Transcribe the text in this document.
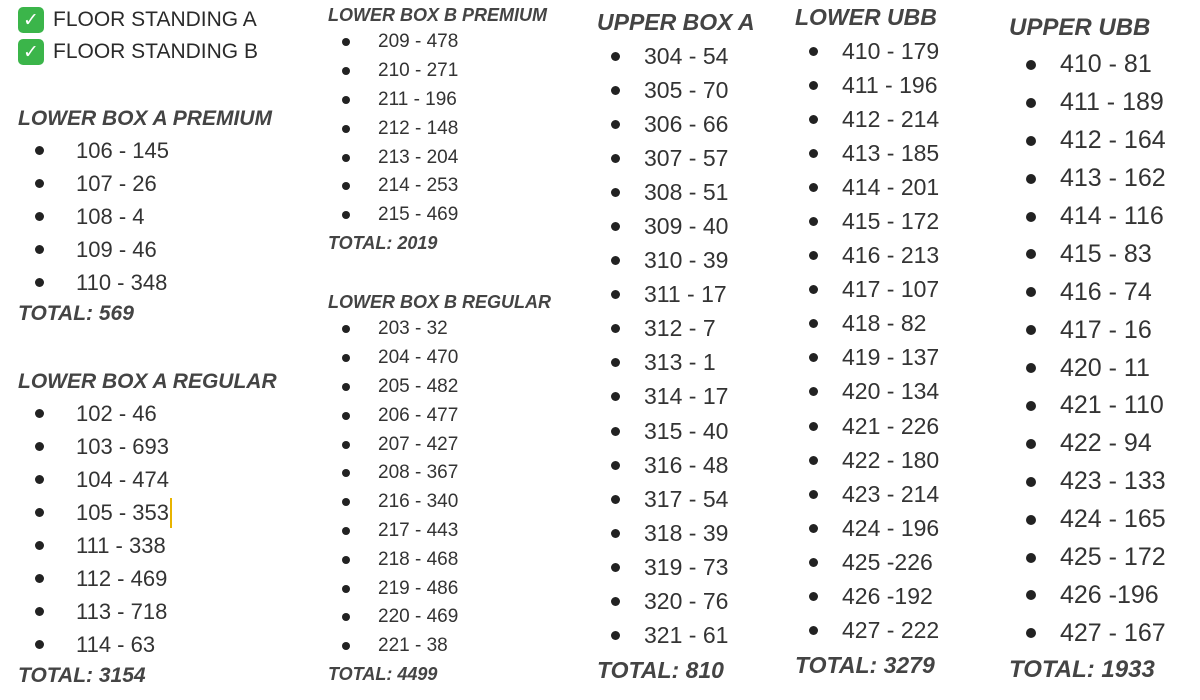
✓ FLOOR STANDING A
✓ FLOOR STANDING B
LOWER BOX A PREMIUM
106 - 145
107 - 26
108 - 4
109 - 46
110 - 348
TOTAL: 569
LOWER BOX A REGULAR
102 - 46
103 - 693
104 - 474
105 - 353
111 - 338
112 - 469
113 - 718
114 - 63
TOTAL: 3154
LOWER BOX B PREMIUM
209 - 478
210 - 271
211 - 196
212 - 148
213 - 204
214 - 253
215 - 469
TOTAL: 2019
LOWER BOX B REGULAR
203 - 32
204 - 470
205 - 482
206 - 477
207 - 427
208 - 367
216 - 340
217 - 443
218 - 468
219 - 486
220 - 469
221 - 38
TOTAL: 4499
UPPER BOX A
304 - 54
305 - 70
306 - 66
307 - 57
308 - 51
309 - 40
310 - 39
311 - 17
312 - 7
313 - 1
314 - 17
315 - 40
316 - 48
317 - 54
318 - 39
319 - 73
320 - 76
321 - 61
TOTAL: 810
LOWER UBB
410 - 179
411 - 196
412 - 214
413 - 185
414 - 201
415 - 172
416 - 213
417 - 107
418 - 82
419 - 137
420 - 134
421 - 226
422 - 180
423 - 214
424 - 196
425 -226
426 -192
427 - 222
TOTAL: 3279
UPPER UBB
410 - 81
411 - 189
412 - 164
413 - 162
414 - 116
415 - 83
416 - 74
417 - 16
420 - 11
421 - 110
422 - 94
423 - 133
424 - 165
425 - 172
426 -196
427 - 167
TOTAL: 1933
